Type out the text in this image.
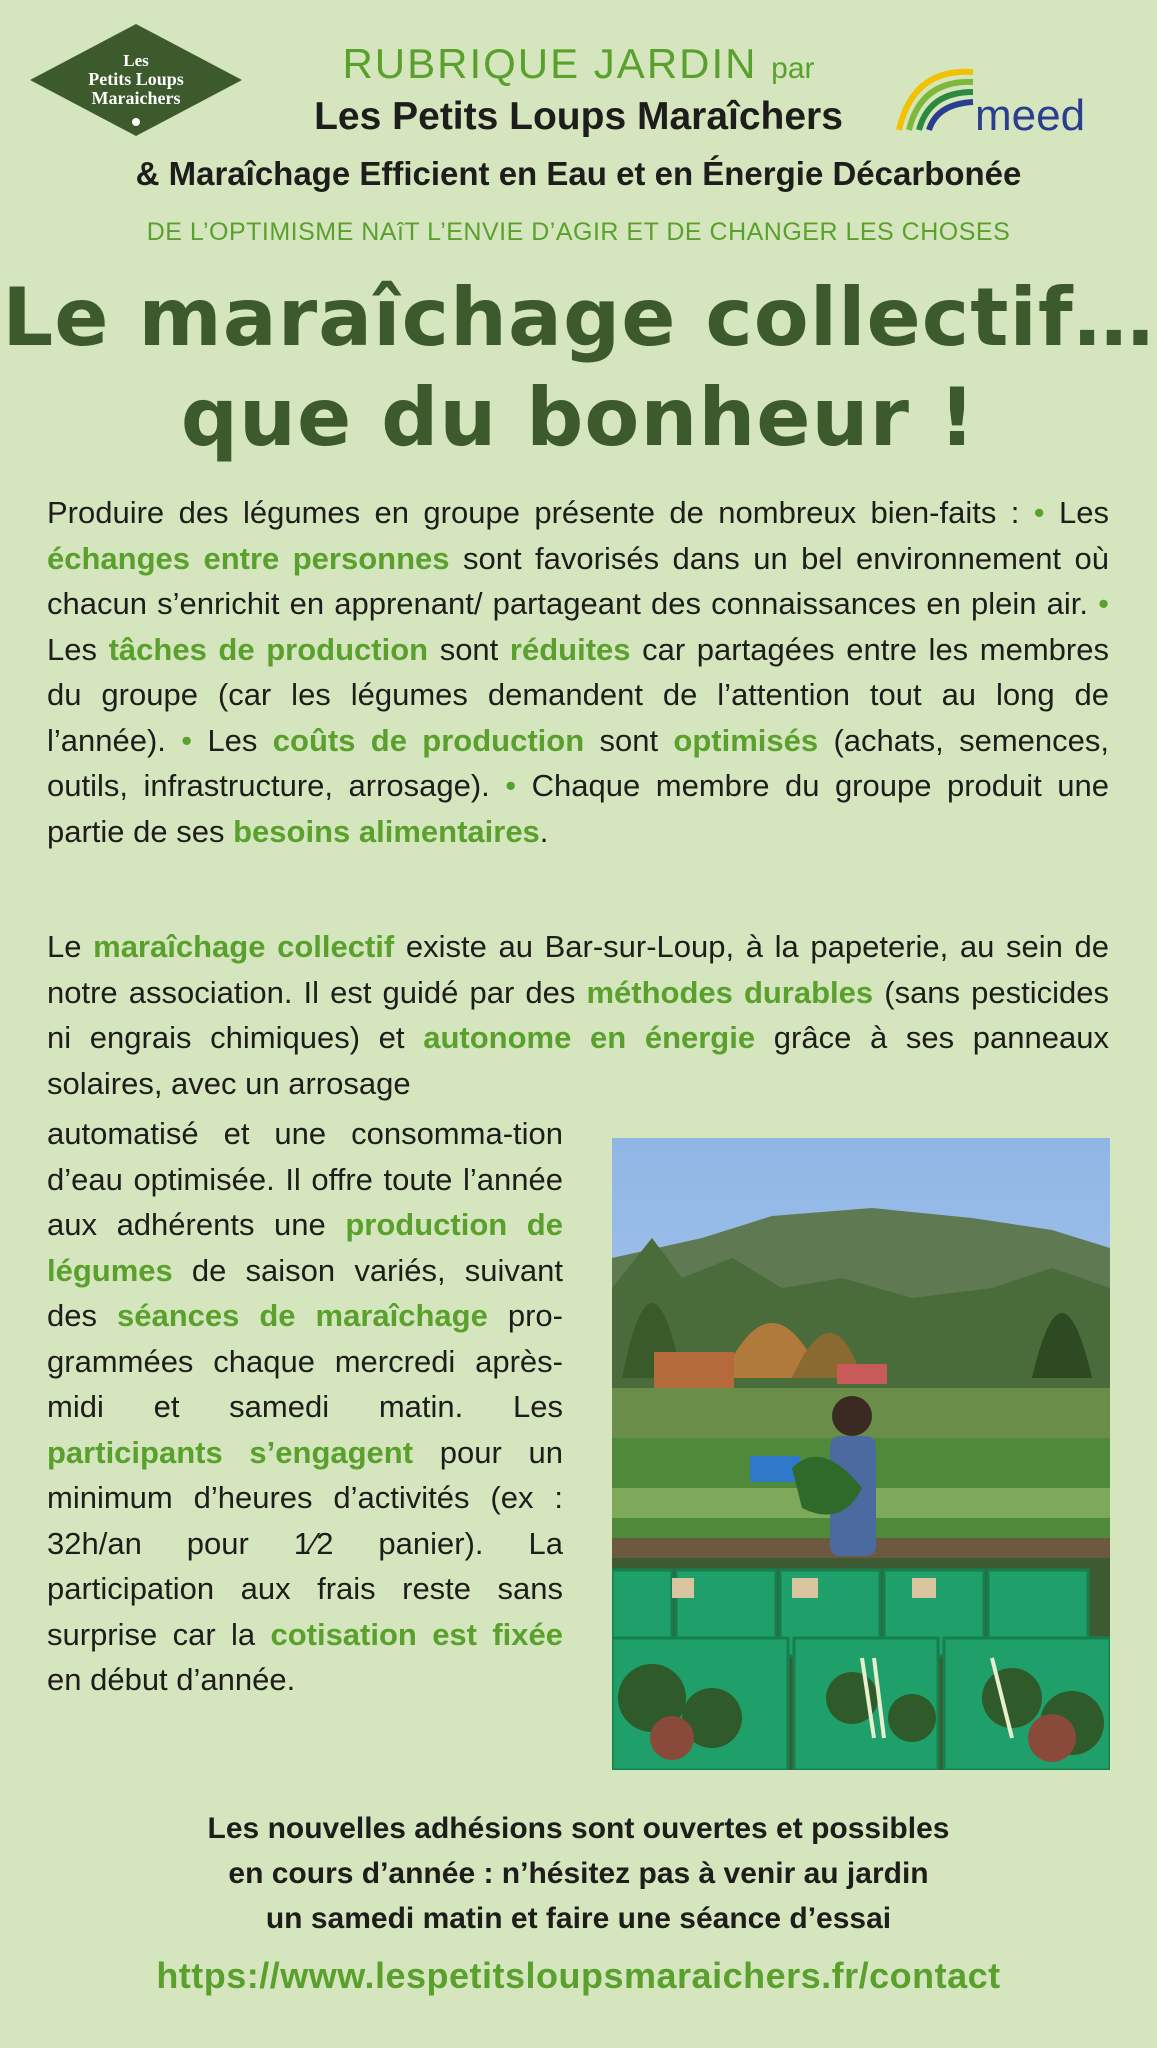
Les
Petits Loups
Maraichers	meed
RUBRIQUE JARDIN par
Les Petits Loups Maraîchers
& Maraîchage Efficient en Eau et en Énergie Décarbonée
DE L’OPTIMISME NAîT L’ENVIE D’AGIR ET DE CHANGER LES CHOSES
Le maraîchage collectif…
que du bonheur !
Produire des légumes en groupe présente de nombreux bien-faits : • Les échanges entre personnes sont favorisés dans un bel environnement où chacun s’enrichit en apprenant/ partageant des connaissances en plein air. • Les tâches de production sont réduites car partagées entre les membres du groupe (car les légumes demandent de l’attention tout au long de l’année). • Les coûts de production sont optimisés (achats, semences, outils, infrastructure, arrosage). • Chaque membre du groupe produit une partie de ses besoins alimentaires.
Le maraîchage collectif existe au Bar-sur-Loup, à la papeterie, au sein de notre association. Il est guidé par des méthodes durables (sans pesticides ni engrais chimiques) et autonome en énergie grâce à ses panneaux solaires, avec un arrosage
automatisé et une consomma-tion d’eau optimisée. Il offre toute l’année aux adhérents une production de légumes de saison variés, suivant des séances de maraîchage pro-grammées chaque mercredi après-midi et samedi matin. Les participants s’engagent pour un minimum d’heures d’activités (ex : 32h/an pour 1⁄2 panier). La participation aux frais reste sans surprise car la cotisation est fixée en début d’année.
Les nouvelles adhésions sont ouvertes et possibles
en cours d’année : n’hésitez pas à venir au jardin
un samedi matin et faire une séance d’essai
https://www.lespetitsloupsmaraichers.fr/contact
